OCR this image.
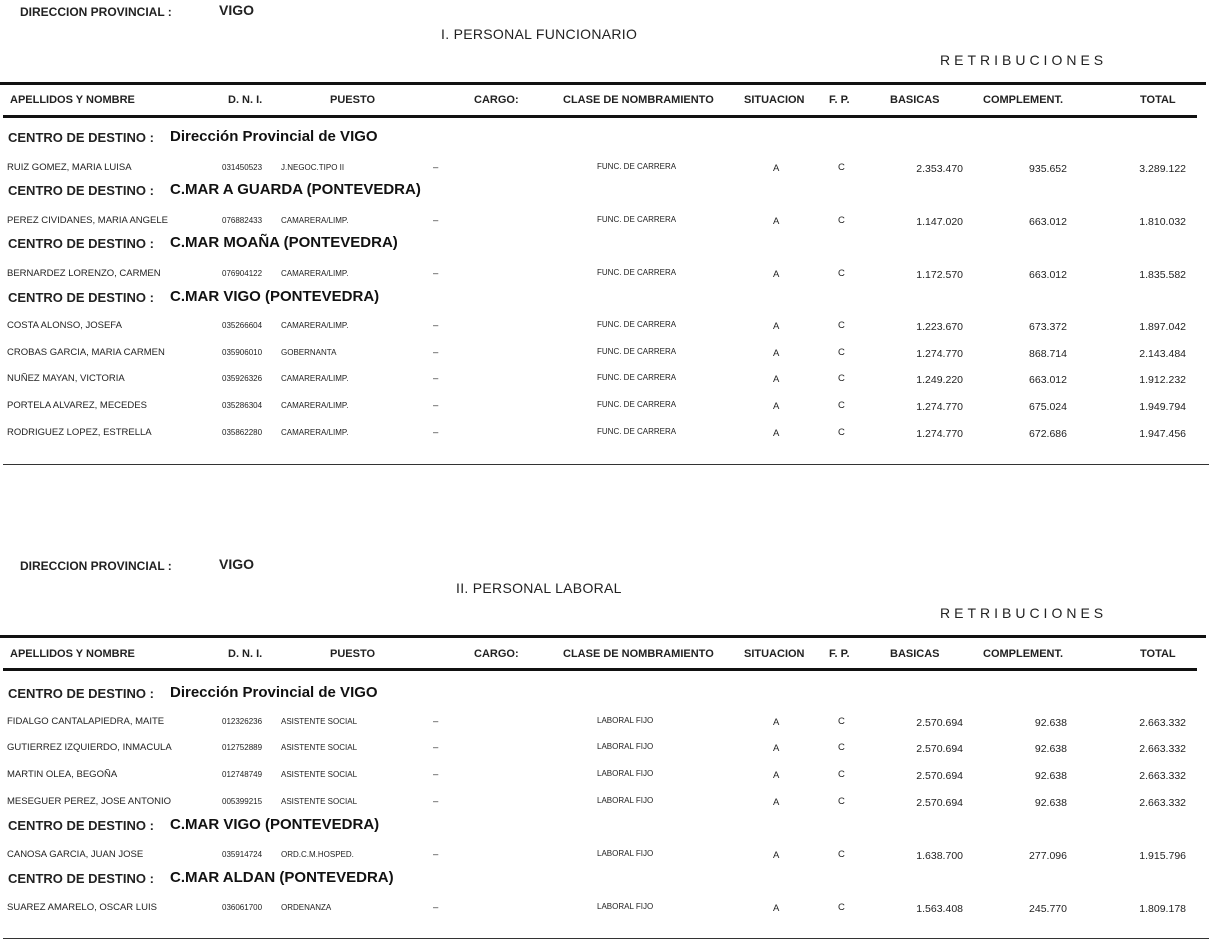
DIRECCION PROVINCIAL :	VIGO
I. PERSONAL FUNCIONARIO
RETRIBUCIONES
APELLIDOS Y NOMBRE	D. N. I.	PUESTO	CARGO:	CLASE DE NOMBRAMIENTO	SITUACION F. P.	BASICAS	COMPLEMENT.	TOTAL
CENTRO DE DESTINO : Dirección Provincial de VIGO
RUIZ GOMEZ, MARIA LUISA	031450523 J.NEGOC.TIPO II	–	FUNC. DE CARRERA	A	C	2.353.470	935.652	3.289.122
CENTRO DE DESTINO : C.MAR A GUARDA (PONTEVEDRA)
PEREZ CIVIDANES, MARIA ANGELE	076882433 CAMARERA/LIMP.	–	FUNC. DE CARRERA	A	C	1.147.020	663.012	1.810.032
CENTRO DE DESTINO : C.MAR MOAÑA (PONTEVEDRA)
BERNARDEZ LORENZO, CARMEN	076904122 CAMARERA/LIMP.	–	FUNC. DE CARRERA	A	C	1.172.570	663.012	1.835.582
CENTRO DE DESTINO : C.MAR VIGO (PONTEVEDRA)
COSTA ALONSO, JOSEFA	035266604 CAMARERA/LIMP.	–	FUNC. DE CARRERA	A	C	1.223.670	673.372	1.897.042
CROBAS GARCIA, MARIA CARMEN	035906010 GOBERNANTA	–	FUNC. DE CARRERA	A	C	1.274.770	868.714	2.143.484
NUÑEZ MAYAN, VICTORIA	035926326 CAMARERA/LIMP.	–	FUNC. DE CARRERA	A	C	1.249.220	663.012	1.912.232
PORTELA ALVAREZ, MECEDES	035286304 CAMARERA/LIMP.	–	FUNC. DE CARRERA	A	C	1.274.770	675.024	1.949.794
RODRIGUEZ LOPEZ, ESTRELLA	035862280 CAMARERA/LIMP.	–	FUNC. DE CARRERA	A	C	1.274.770	672.686	1.947.456
DIRECCION PROVINCIAL :	VIGO
II. PERSONAL LABORAL
RETRIBUCIONES
APELLIDOS Y NOMBRE	D. N. I.	PUESTO	CARGO:	CLASE DE NOMBRAMIENTO	SITUACION F. P.	BASICAS	COMPLEMENT.	TOTAL
CENTRO DE DESTINO : Dirección Provincial de VIGO
FIDALGO CANTALAPIEDRA, MAITE	012326236 ASISTENTE SOCIAL	–	LABORAL FIJO	A	C	2.570.694	92.638	2.663.332
GUTIERREZ IZQUIERDO, INMACULA	012752889 ASISTENTE SOCIAL	–	LABORAL FIJO	A	C	2.570.694	92.638	2.663.332
MARTIN OLEA, BEGOÑA	012748749 ASISTENTE SOCIAL	–	LABORAL FIJO	A	C	2.570.694	92.638	2.663.332
MESEGUER PEREZ, JOSE ANTONIO	005399215 ASISTENTE SOCIAL	–	LABORAL FIJO	A	C	2.570.694	92.638	2.663.332
CENTRO DE DESTINO : C.MAR VIGO (PONTEVEDRA)
CANOSA GARCIA, JUAN JOSE	035914724 ORD.C.M.HOSPED.	–	LABORAL FIJO	A	C	1.638.700	277.096	1.915.796
CENTRO DE DESTINO : C.MAR ALDAN (PONTEVEDRA)
SUAREZ AMARELO, OSCAR LUIS	036061700 ORDENANZA	–	LABORAL FIJO	A	C	1.563.408	245.770	1.809.178
